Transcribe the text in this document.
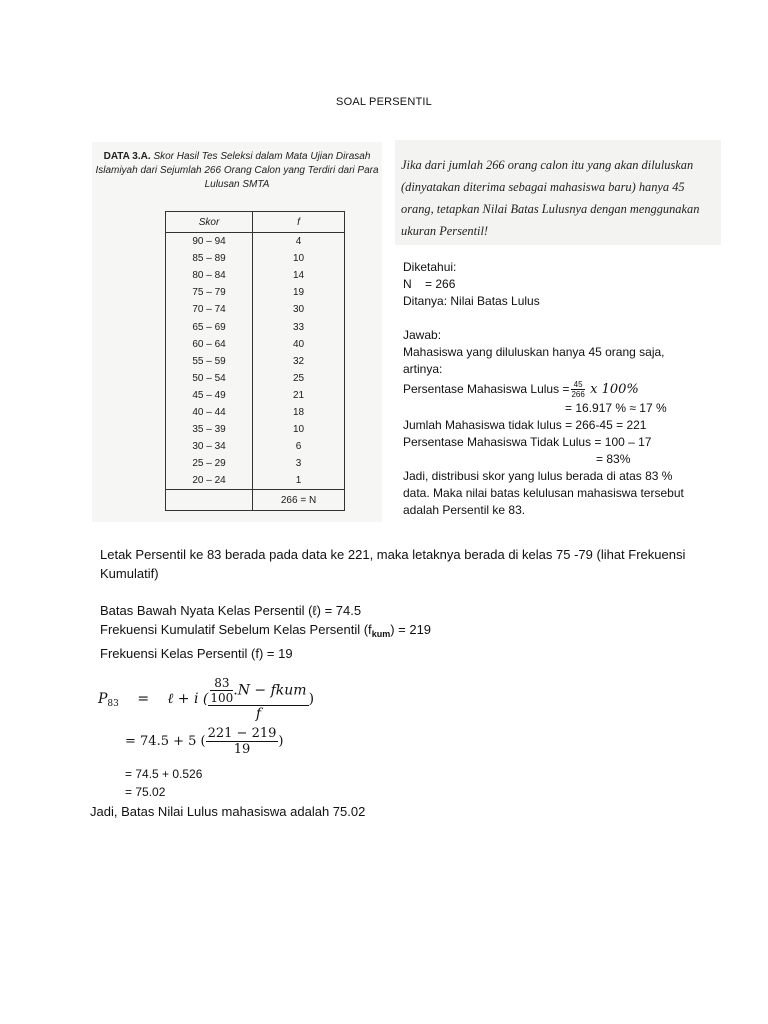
SOAL PERSENTIL
DATA 3.A. Skor Hasil Tes Seleksi dalam Mata Ujian Dirasah Islamiyah dari Sejumlah 266 Orang Calon yang Terdiri dari Para Lulusan SMTA
Skor	f
90 – 94	4
85 – 89	10
80 – 84	14
75 – 79	19
70 – 74	30
65 – 69	33
60 – 64	40
55 – 59	32
50 – 54	25
45 – 49	21
40 – 44	18
35 – 39	10
30 – 34	6
25 – 29	3
20 – 24	1
	266 = N

Jika dari jumlah 266 orang calon itu yang akan diluluskan (dinyatakan diterima sebagai mahasiswa baru) hanya 45 orang, tetapkan Nilai Batas Lulusnya dengan menggunakan ukuran Persentil!

Diketahui:
N    = 266
Ditanya: Nilai Batas Lulus
Jawab:
Mahasiswa yang diluluskan hanya 45 orang saja, artinya:
Persentase Mahasiswa Lulus = $\frac{45}{266}$ x 100%
= 16.917 % ≈ 17 %
Jumlah Mahasiswa tidak lulus = 266-45 = 221
Persentase Mahasiswa Tidak Lulus = 100 – 17
= 83%
Jadi, distribusi skor yang lulus berada di atas 83 % data. Maka nilai batas kelulusan mahasiswa tersebut adalah Persentil ke 83.
Letak Persentil ke 83 berada pada data ke 221, maka letaknya berada di kelas 75 -79 (lihat Frekuensi Kumulatif)
Batas Bawah Nyata Kelas Persentil (ℓ) = 74.5
Frekuensi Kumulatif Sebelum Kelas Persentil $(f_{kum}) = 219$
Frekuensi Kelas Persentil (f) = 19
$P_{83}$ = ℓ + i ( $\frac{\frac{83}{100} .N - fkum}{f}$ )
= 74.5 + 5 ( $\frac{221 - 219}{19}$ )
= 74.5 + 0.526
= 75.02
Jadi, Batas Nilai Lulus mahasiswa adalah 75.02
